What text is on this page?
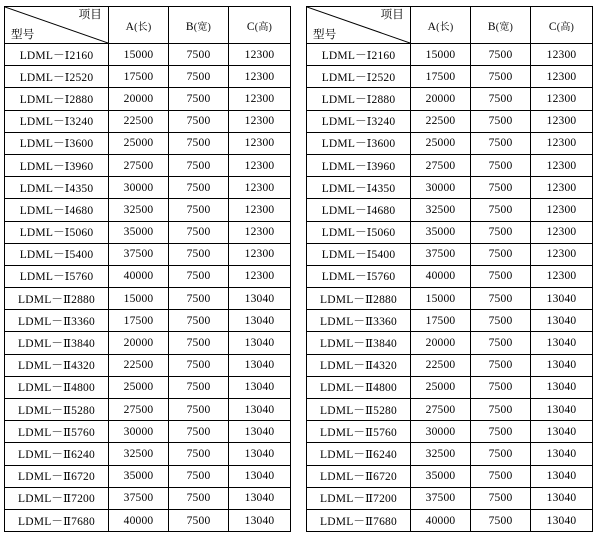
项目
型号	A(长)	B(宽)	C(高)
LDML－Ⅰ2160	15000	7500	12300
LDML－Ⅰ2520	17500	7500	12300
LDML－Ⅰ2880	20000	7500	12300
LDML－Ⅰ3240	22500	7500	12300
LDML－Ⅰ3600	25000	7500	12300
LDML－Ⅰ3960	27500	7500	12300
LDML－Ⅰ4350	30000	7500	12300
LDML－Ⅰ4680	32500	7500	12300
LDML－Ⅰ5060	35000	7500	12300
LDML－Ⅰ5400	37500	7500	12300
LDML－Ⅰ5760	40000	7500	12300
LDML－Ⅱ2880	15000	7500	13040
LDML－Ⅱ3360	17500	7500	13040
LDML－Ⅱ3840	20000	7500	13040
LDML－Ⅱ4320	22500	7500	13040
LDML－Ⅱ4800	25000	7500	13040
LDML－Ⅱ5280	27500	7500	13040
LDML－Ⅱ5760	30000	7500	13040
LDML－Ⅱ6240	32500	7500	13040
LDML－Ⅱ6720	35000	7500	13040
LDML－Ⅱ7200	37500	7500	13040
LDML－Ⅱ7680	40000	7500	13040
项目
型号	A(长)	B(宽)	C(高)
LDML－Ⅰ2160	15000	7500	12300
LDML－Ⅰ2520	17500	7500	12300
LDML－Ⅰ2880	20000	7500	12300
LDML－Ⅰ3240	22500	7500	12300
LDML－Ⅰ3600	25000	7500	12300
LDML－Ⅰ3960	27500	7500	12300
LDML－Ⅰ4350	30000	7500	12300
LDML－Ⅰ4680	32500	7500	12300
LDML－Ⅰ5060	35000	7500	12300
LDML－Ⅰ5400	37500	7500	12300
LDML－Ⅰ5760	40000	7500	12300
LDML－Ⅱ2880	15000	7500	13040
LDML－Ⅱ3360	17500	7500	13040
LDML－Ⅱ3840	20000	7500	13040
LDML－Ⅱ4320	22500	7500	13040
LDML－Ⅱ4800	25000	7500	13040
LDML－Ⅱ5280	27500	7500	13040
LDML－Ⅱ5760	30000	7500	13040
LDML－Ⅱ6240	32500	7500	13040
LDML－Ⅱ6720	35000	7500	13040
LDML－Ⅱ7200	37500	7500	13040
LDML－Ⅱ7680	40000	7500	13040
